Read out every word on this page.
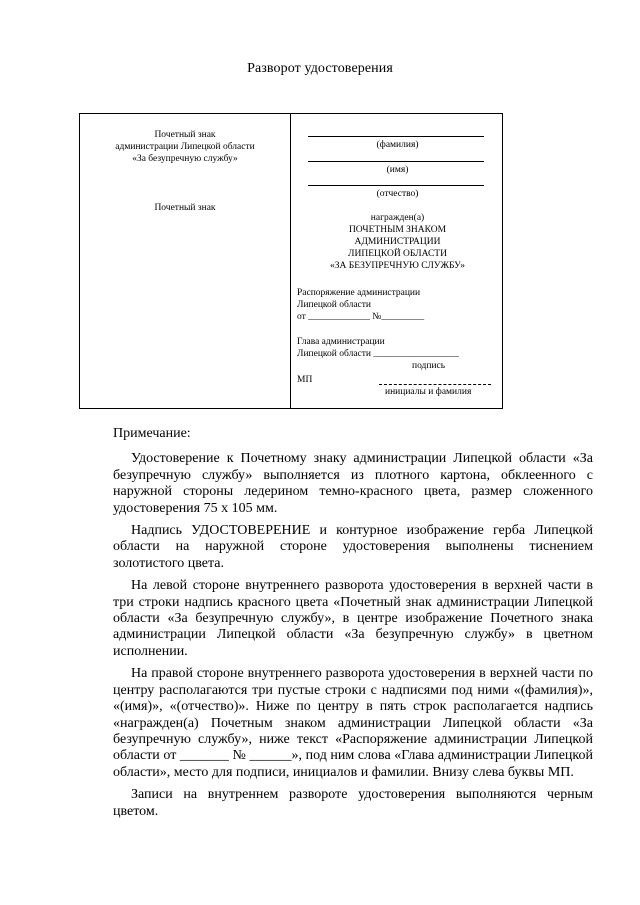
Разворот удостоверения
Почетный знак
администрации Липецкой области
«За безупречную службу»
Почетный знак
(фамилия)
(имя)
(отчество)
награжден(а)
ПОЧЕТНЫМ ЗНАКОМ
АДМИНИСТРАЦИИ
ЛИПЕЦКОЙ ОБЛАСТИ
«ЗА БЕЗУПРЕЧНУЮ СЛУЖБУ»
Распоряжение администрации
Липецкой области
от _____________ №_________
Глава администрации
Липецкой области __________________
подпись
МП
инициалы и фамилия
Примечание:

Удостоверение к Почетному знаку администрации Липецкой области «За безупречную службу» выполняется из плотного картона, обклеенного с наружной стороны ледерином темно-красного цвета, размер сложенного удостоверения 75 х 105 мм.

Надпись УДОСТОВЕРЕНИЕ и контурное изображение герба Липецкой области на наружной стороне удостоверения выполнены тиснением золотистого цвета.

На левой стороне внутреннего разворота удостоверения в верхней части в три строки надпись красного цвета «Почетный знак администрации Липецкой области «За безупречную службу», в центре изображение Почетного знака администрации Липецкой области «За безупречную службу» в цветном исполнении.

На правой стороне внутреннего разворота удостоверения в верхней части по центру располагаются три пустые строки с надписями под ними «(фамилия)», «(имя)», «(отчество)». Ниже по центру в пять строк располагается надпись «награжден(а) Почетным знаком администрации Липецкой области «За безупречную службу», ниже текст «Распоряжение администрации Липецкой области от _______ № ______», под ним слова «Глава администрации Липецкой области», место для подписи, инициалов и фамилии. Внизу слева буквы МП.

Записи на внутреннем развороте удостоверения выполняются черным цветом.
